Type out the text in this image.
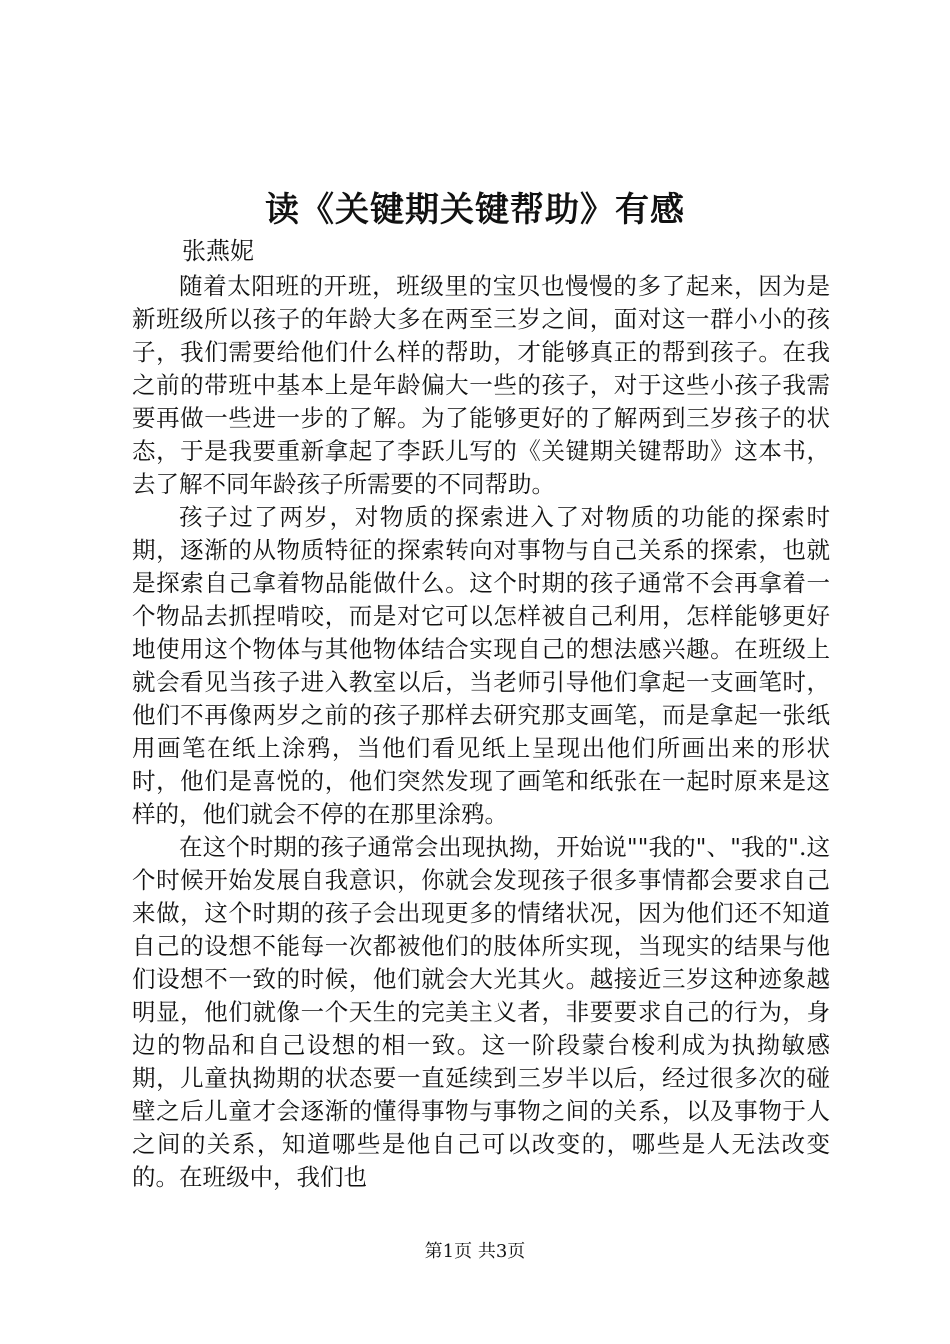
读《关键期关键帮助》有感
张燕妮

随着太阳班的开班，班级里的宝贝也慢慢的多了起来，因为是新班级所以孩子的年龄大多在两至三岁之间，面对这一群小小的孩子，我们需要给他们什么样的帮助，才能够真正的帮到孩子。在我之前的带班中基本上是年龄偏大一些的孩子，对于这些小孩子我需要再做一些进一步的了解。为了能够更好的了解两到三岁孩子的状态，于是我要重新拿起了李跃儿写的《关键期关键帮助》这本书，去了解不同年龄孩子所需要的不同帮助。

孩子过了两岁，对物质的探索进入了对物质的功能的探索时期，逐渐的从物质特征的探索转向对事物与自己关系的探索，也就是探索自己拿着物品能做什么。这个时期的孩子通常不会再拿着一个物品去抓捏啃咬，而是对它可以怎样被自己利用，怎样能够更好地使用这个物体与其他物体结合实现自己的想法感兴趣。在班级上就会看见当孩子进入教室以后，当老师引导他们拿起一支画笔时，他们不再像两岁之前的孩子那样去研究那支画笔，而是拿起一张纸用画笔在纸上涂鸦，当他们看见纸上呈现出他们所画出来的形状时，他们是喜悦的，他们突然发现了画笔和纸张在一起时原来是这样的，他们就会不停的在那里涂鸦。

在这个时期的孩子通常会出现执拗，开始说""我的"、"我的".这个时候开始发展自我意识，你就会发现孩子很多事情都会要求自己来做，这个时期的孩子会出现更多的情绪状况，因为他们还不知道自己的设想不能每一次都被他们的肢体所实现，当现实的结果与他们设想不一致的时候，他们就会大光其火。越接近三岁这种迹象越明显，他们就像一个天生的完美主义者，非要要求自己的行为，身边的物品和自己设想的相一致。这一阶段蒙台梭利成为执拗敏感期，儿童执拗期的状态要一直延续到三岁半以后，经过很多次的碰壁之后儿童才会逐渐的懂得事物与事物之间的关系，以及事物于人之间的关系，知道哪些是他自己可以改变的，哪些是人无法改变的。在班级中，我们也

第1页 共3页
